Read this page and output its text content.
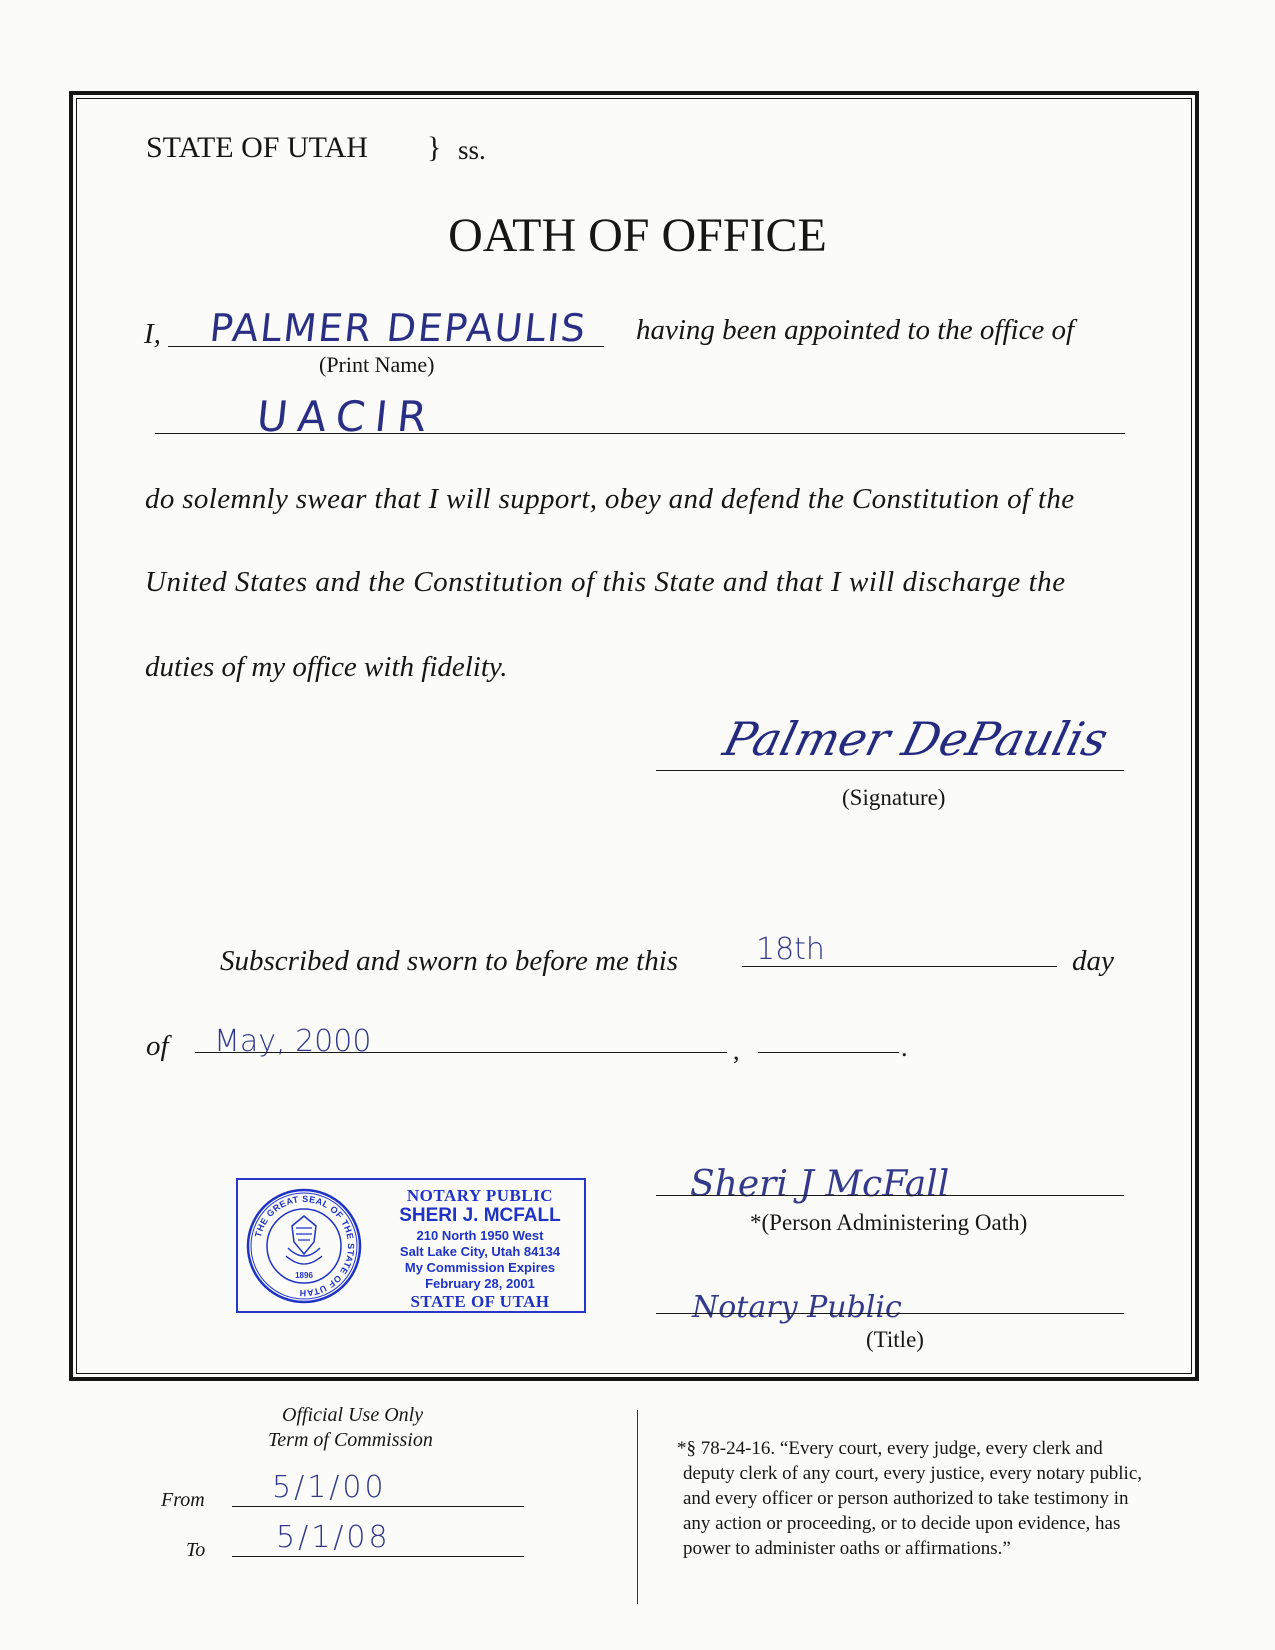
STATE OF UTAH } ss.
OATH OF OFFICE
I, PALMER DEPAULIS
(Print Name)
having been appointed to the office of
UACIR
do solemnly swear that I will support, obey and defend the Constitution of the
United States and the Constitution of this State and that I will discharge the
duties of my office with fidelity.
Palmer DePaulis
(Signature)
Subscribed and sworn to before me this	18th	day
of May, 2000	,	.
THE GREAT SEAL OF THE STATE OF UTAH
1896
NOTARY PUBLIC
SHERI J. MCFALL
210 North 1950 West
Salt Lake City, Utah 84134
My Commission Expires
February 28, 2001
STATE OF UTAH
Sheri J McFall
*(Person Administering Oath)
Notary Public
(Title)
Official Use Only
Term of Commission
From 5/1/00
To 5/1/08
*§ 78-24-16. “Every court, every judge, every clerk and
deputy clerk of any court, every justice, every notary public,
and every officer or person authorized to take testimony in
any action or proceeding, or to decide upon evidence, has
power to administer oaths or affirmations.”
